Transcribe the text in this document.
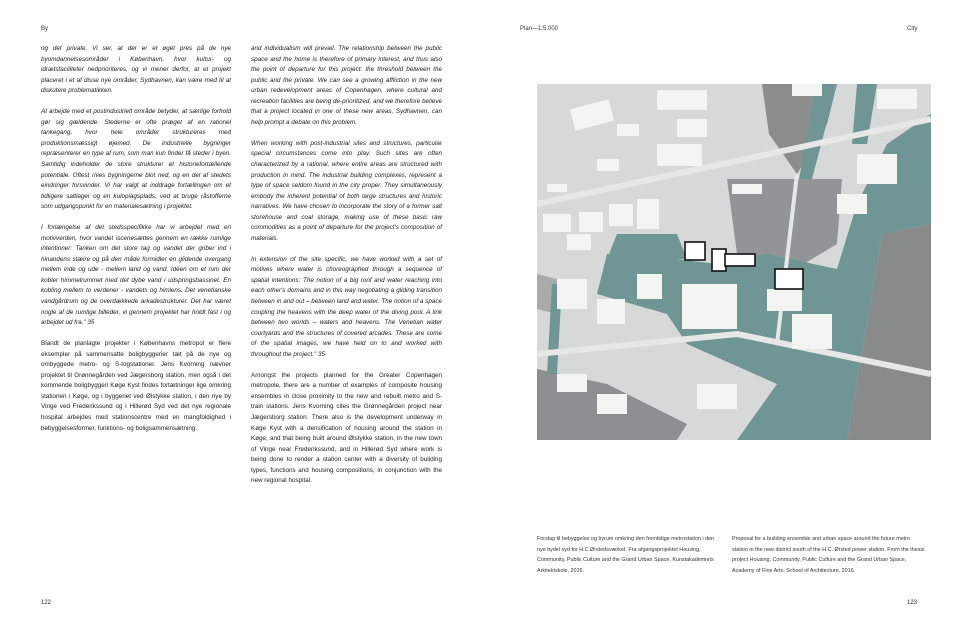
By

og det private. Vi ser, at der er et øget pres på de nye byomdannelsesområder i København, hvor kultur- og idrætsfaciliteter nedprioriteres, og vi mener derfor, at et projekt placeret i et af disse nye områder, Sydhavnen, kan være med til at diskutere problematikken.

At arbejde med et postindustrielt område betyder, at særlige forhold gør sig gældende. Stederne er ofte præget af en rationel tankegang, hvor hele områder struktureres med produktionsmæssigt øjemed. De industrielle bygninger repræsenterer en type af rum, som man kun finder få steder i byen. Samtidig indeholder de store strukturer et historiefortællende potentiale. Oftest rives bygningerne blot ned, og en del af stedets eindringer forsvinder. Vi har valgt at inddrage fortællingen om et tidligere saltlager og en kulopiagsplads, ved at bruge råstofferne som udgangspunkt for en materialesætning i projektet.

I forlængelse af det stedsspecifikke har vi arbejdet med en motivverden, hvor vandet iscenesættes gennem en række rumlige intentioner: Tanken om det store tag og vandet der griber ind i hinandens stæire og på den måde formidler en glidende overgang mellem inde og ude - mellem land og vand. Idéen om et rum der kobler himmelrummet med det dybe vand i udspringsbassinet. En kobling mellem to verdener - vandets og himlens. Det venetianske vandgårdrum og de overdækkede arkadestrukturer. Det har været nogle af de rumlige billeder, vi gennem projektet har holdt fast i og arbejdet ud fra." 35

Blandt de planlagte projekter i Københavns metropol er flere eksempler på sammensatte boligbyggerier tæt på de nye og ombyggede metro- og S-togstationer. Jens Kvorning nævner projektet til Grønnegården ved Jægersborg station, men også i det kommende boligbyggeri Køge Kyst findes fortætninger lige omkring stationen i Køge, og i byggeriet ved Ølstykke station, i den nye by Vinge ved Frederikssund og i Hillerød Syd ved det nye regionale hospital arbejdes med stationscentre med en mangfoldighed i bebyggelsesformer, funktions- og boligsammensætning.

and individualism will prevail. The relationship between the public space and the home is therefore of primary interest, and thus also the point of departure for this project: the threshold between the public and the private. We can see a growing affliction in the new urban redevelopment areas of Copenhagen, where cultural and recreation facilities are being de-prioritized, and we therefore believe that a project located in one of these new areas, Sydhavnen, can help prompt a debate on this problem.

When working with post-industrial sites and structures, particular special circumstances come into play. Such sites are often characterized by a rational, where entire areas are structured with production in mind. The industrial building complexes, represent a type of space seldom found in the city proper. They simultaneously embody the inherent potential of both large structures and historic narratives. We have chosen to incorporate the story of a former salt storehouse and coal storage, making use of these basic raw commodities as a point of departure for the project's composition of materials.

In extension of the site specific, we have worked with a set of motives where water is choreographed through a sequence of spatial intentions: The notion of a big roof and water reaching into each other's domains and in this way negotiating a gliding transition between in and out – between land and water. The notion of a space coupling the heavens with the deep water of the diving pool. A link between two worlds – waters and heavens. The Venetian water courtyards and the structures of covered arcades. These are some of the spatial images, we have held on to and worked with throughout the project." 35

Amongst the projects planned for the Greater Copenhagen metropole, there are a number of examples of composite housing ensembles in close proximity to the new and rebuilt metro and S-train stations. Jens Kvorning cites the Grønnegården project near Jægersborg station. There also is the development underway in Køge Kyst with a densification of housing around the station in Køge, and that being built around Ølstykke station, in the new town of Vinge near Frederikssund, and in Hillerød Syd where work is being done to render a station center with a diversity of building types, functions and housing compositions, in conjunction with the new regional hospital.

122
Plan—1:5.000	City
Forslag til bebyggelse og byrum omkring den fremtidige metrostation i den nye bydel syd for H.C.Ørstedsværket. Fra afgangsprojektet Housing, Community, Public Culture and the Grand Urban Space, Kunstakademiets Arkitektskole, 2016.
Proposal for a building ensemble and urban space around the future metro station in the new district south of the H.C. Ørsted power station. From the thesis project Housing, Community, Public Culture and the Grand Urban Space, Academy of Fine Arts, School of Architecture, 2016.
123
